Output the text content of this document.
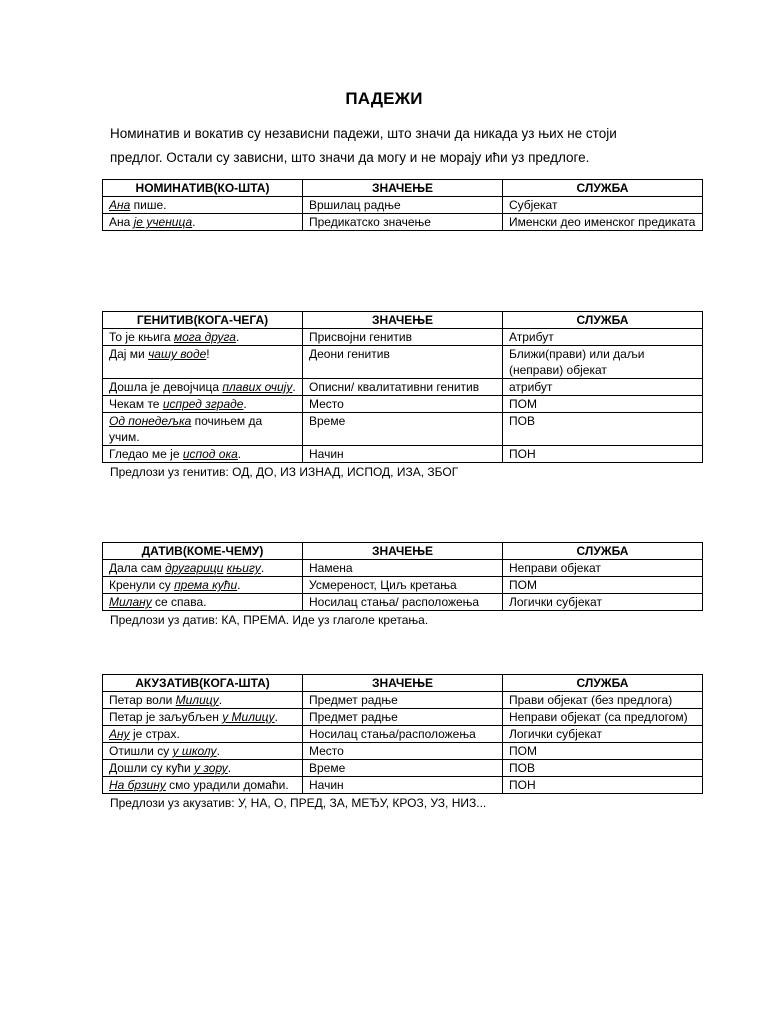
ПАДЕЖИ

Номинатив и вокатив су независни падежи, што значи да никада уз њих не стоји

предлог. Остали су зависни, што значи да могу и не морају ићи уз предлоге.

НОМИНАТИВ(КО-ШТА)	ЗНАЧЕЊЕ	СЛУЖБА
Ана пише.	Вршилац радње	Субјекат
Ана је ученица.	Предикатско значење	Именски део именског предиката
ГЕНИТИВ(КОГА-ЧЕГА)	ЗНАЧЕЊЕ	СЛУЖБА
То је књига мога друга.	Присвојни генитив	Атрибут
Дај ми чашу воде!	Деони генитив	Ближи(прави) или даљи (неправи) објекат
Дошла је девојчица плавих очију.	Описни/ квалитативни генитив	атрибут
Чекам те испред зграде.	Место	ПОМ
Од понедељка почињем да учим.	Време	ПОВ
Гледао ме је испод ока.	Начин	ПОН
Предлози уз генитив: ОД, ДО, ИЗ ИЗНАД, ИСПОД, ИЗА, ЗБОГ
ДАТИВ(КОМЕ-ЧЕМУ)	ЗНАЧЕЊЕ	СЛУЖБА
Дала сам другарици књигу.	Намена	Неправи објекат
Кренули су према кући.	Усмереност, Циљ кретања	ПОМ
Милану се спава.	Носилац стања/ расположења	Логички субјекат
Предлози уз датив: КА, ПРЕМА. Иде уз глаголе кретања.
АКУЗАТИВ(КОГА-ШТА)	ЗНАЧЕЊЕ	СЛУЖБА
Петар воли Милицу.	Предмет радње	Прави објекат (без предлога)
Петар је заљубљен у Милицу.	Предмет радње	Неправи објекат (са предлогом)
Ану је страх.	Носилац стања/расположења	Логички субјекат
Отишли су у школу.	Место	ПОМ
Дошли су кући у зору.	Време	ПОВ
На брзину смо урадили домаћи.	Начин	ПОН
Предлози уз акузатив: У, НА, О, ПРЕД, ЗА, МЕЂУ, КРОЗ, УЗ, НИЗ...
